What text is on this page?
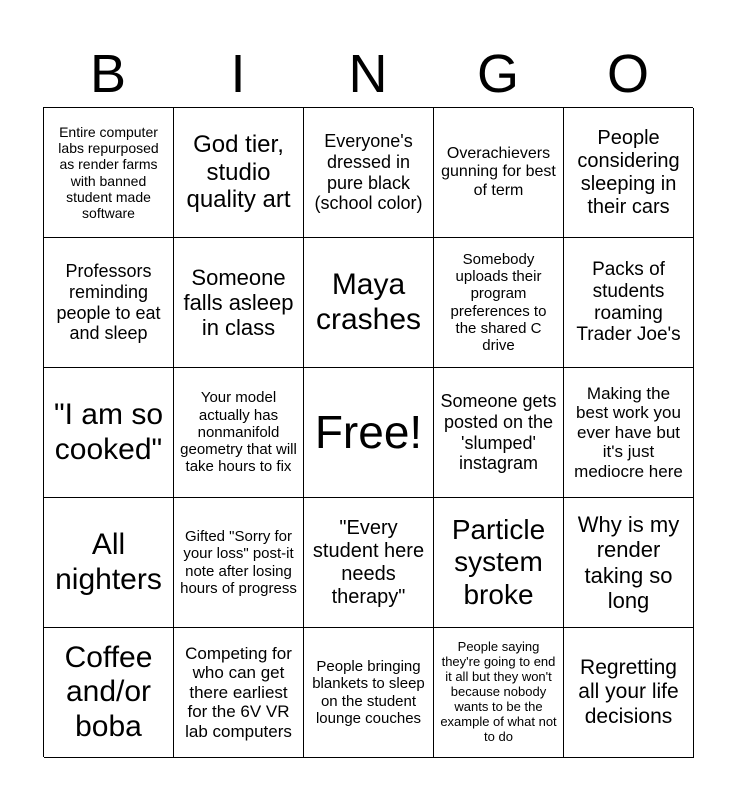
B	I	N	G	O
Entire computer labs repurposed as render farms with banned student made software
God tier, studio quality art
Everyone's dressed in pure black (school color)
Overachievers gunning for best of term
People considering sleeping in their cars
Professors reminding people to eat and sleep
Someone falls asleep in class
Maya crashes
Somebody uploads their program preferences to the shared C drive
Packs of students roaming Trader Joe's
"I am so cooked"
Your model actually has nonmanifold geometry that will take hours to fix
Free!
Someone gets posted on the 'slumped' instagram
Making the best work you ever have but it's just mediocre here
All nighters
Gifted "Sorry for your loss" post-it note after losing hours of progress
"Every student here needs therapy"
Particle system broke
Why is my render taking so long
Coffee and/or boba
Competing for who can get there earliest for the 6V VR lab computers
People bringing blankets to sleep on the student lounge couches
People saying they're going to end it all but they won't because nobody wants to be the example of what not to do
Regretting all your life decisions
